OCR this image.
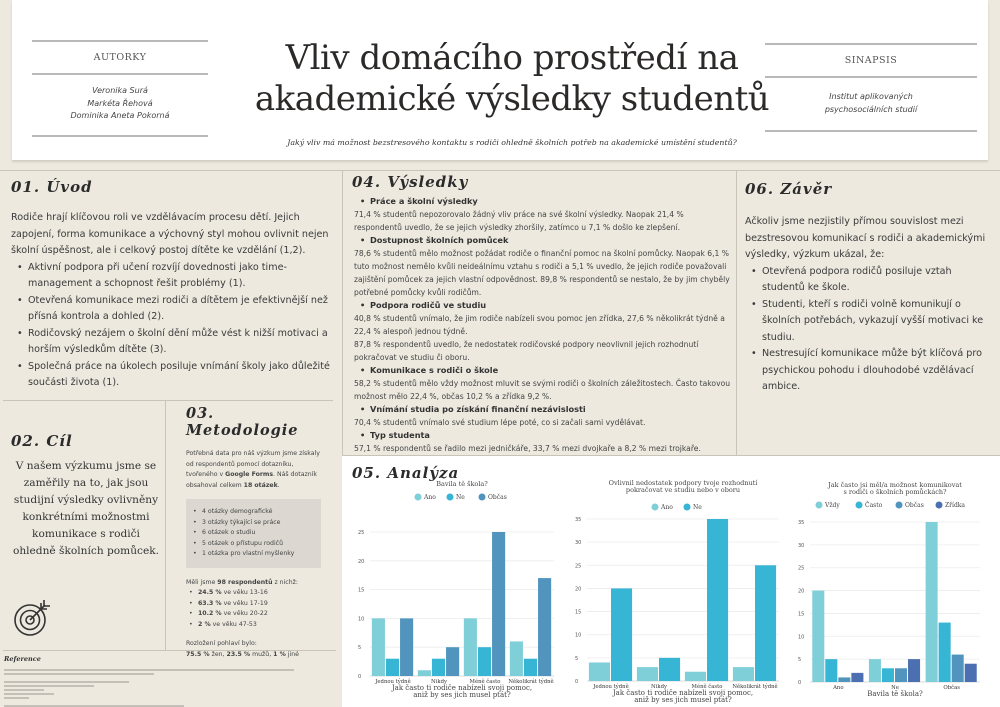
AUTORKY
Veronika Surá
Markéta Řehová
Dominika Aneta Pokorná
Vliv domácího prostředí na
akademické výsledky studentů
Jaký vliv má možnost bezstresového kontaktu s rodiči ohledně školních potřeb na akademické umístění studentů?
SINAPSIS
Institut aplikovaných
psychosociálních studií
01. Úvod
Rodiče hrají klíčovou roli ve vzdělávacím procesu dětí. Jejich zapojení, forma komunikace a výchovný styl mohou ovlivnit nejen školní úspěšnost, ale i celkový postoj dítěte ke vzdělání (1,2).
• Aktivní podpora při učení rozvíjí dovednosti jako time-management a schopnost řešit problémy (1).
• Otevřená komunikace mezi rodiči a dítětem je efektivnější než přísná kontrola a dohled (2).
• Rodičovský nezájem o školní dění může vést k nižší motivaci a horším výsledkům dítěte (3).
• Společná práce na úkolech posiluje vnímání školy jako důležité součásti života (1).
04. Výsledky
• Práce a školní výsledky
71,4 % studentů nepozorovalo žádný vliv práce na své školní výsledky. Naopak 21,4 % respondentů uvedlo, že se jejich výsledky zhoršily, zatímco u 7,1 % došlo ke zlepšení.
• Dostupnost školních pomůcek
78,6 % studentů mělo možnost požádat rodiče o finanční pomoc na školní pomůcky. Naopak 6,1 % tuto možnost nemělo kvůli neideálnímu vztahu s rodiči a 5,1 % uvedlo, že jejich rodiče považovali zajištění pomůcek za jejich vlastní odpovědnost. 89,8 % respondentů se nestalo, že by jim chyběly potřebné pomůcky kvůli rodičům.
• Podpora rodičů ve studiu
40,8 % studentů vnímalo, že jim rodiče nabízeli svou pomoc jen zřídka, 27,6 % několikrát týdně a 22,4 % alespoň jednou týdně.
87,8 % respondentů uvedlo, že nedostatek rodičovské podpory neovlivnil jejich rozhodnutí pokračovat ve studiu či oboru.
• Komunikace s rodiči o škole
58,2 % studentů mělo vždy možnost mluvit se svými rodiči o školních záležitostech. Často takovou možnost mělo 22,4 %, občas 10,2 % a zřídka 9,2 %.
• Vnímání studia po získání finanční nezávislosti
70,4 % studentů vnímalo své studium lépe poté, co si začali sami vydělávat.
• Typ studenta
57,1 % respondentů se řadilo mezi jedničkáře, 33,7 % mezi dvojkaře a 8,2 % mezi trojkaře.
06. Závěr
Ačkoliv jsme nezjistily přímou souvislost mezi bezstresovou komunikací s rodiči a akademickými výsledky, výzkum ukázal, že:
• Otevřená podpora rodičů posiluje vztah studentů ke škole.
• Studenti, kteří s rodiči volně komunikují o školních potřebách, vykazují vyšší motivaci ke studiu.
• Nestresující komunikace může být klíčová pro psychickou pohodu i dlouhodobé vzdělávací ambice.
02. Cíl
V našem výzkumu jsme se zaměřily na to, jak jsou studijní výsledky ovlivněny konkrétními možnostmi komunikace s rodiči ohledně školních pomůcek.
03. Metodologie
Potřebná data pro náš výzkum jsme získaly od respondentů pomocí dotazníku, tvořeného v Google Forms. Náš dotazník obsahoval celkem 18 otázek.
• 4 otázky demografické
• 3 otázky týkající se práce
• 6 otázek o studiu
• 5 otázek o přístupu rodičů
• 1 otázka pro vlastní myšlenky
Měli jsme 98 respondentů z nichž:
• 24.5 % ve věku 13-16
• 63.3 % ve věku 17-19
• 10.2 % ve věku 20-22
• 2 % ve věku 47-53
Rozložení pohlaví bylo:
75.5 % žen, 23.5 % mužů, 1 % jiné
Reference
05. Analýza
Bavila tě škola?
Ano	Ne	Občas
0
5
10
15
20
25
Jednou týdně	Nikdy	Méně často Několikrát týdně
Jak často ti rodiče nabízeli svoji pomoc,
aniž by ses jich musel ptát?
Ovlivnil nedostatek podpory tvoje rozhodnutí
pokračovat ve studiu nebo v oboru
Ano	Ne
0
5
10
15
20
25
30
35
Jednou týdně	Nikdy	Méně často Několikrát týdně
Jak často ti rodiče nabízeli svoji pomoc,
aniž by ses jich musel ptát?
Jak často jsi měl/a možnost komunikovat
s rodiči o školních pomůckách?
Vždy	Často	Občas	Zřídka
0
5
10
15
20
25
30
35
Ano	Ne	Občas
Bavila tě škola?
